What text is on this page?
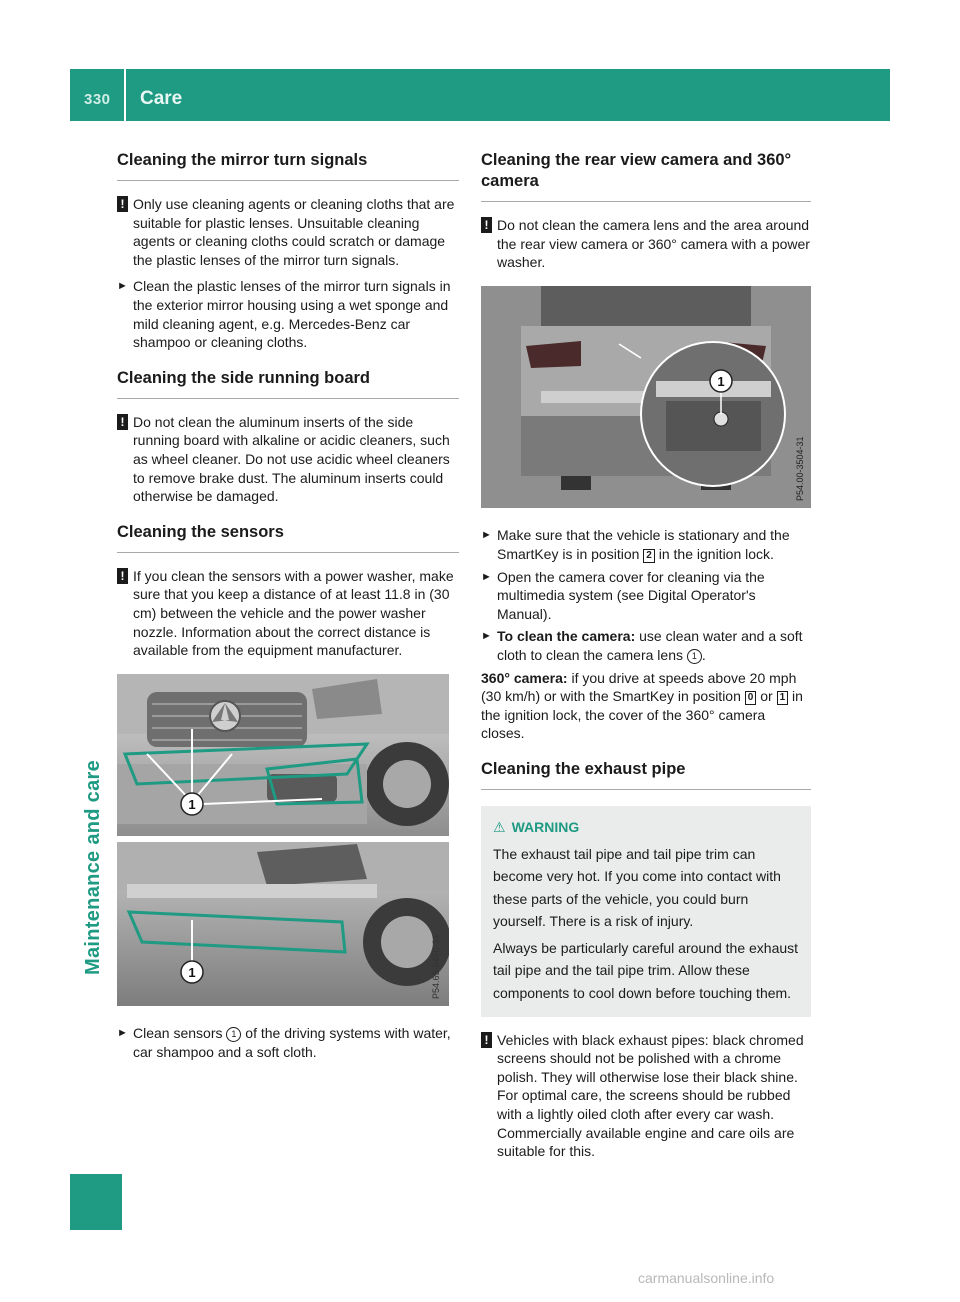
330 Care
Maintenance and care
Cleaning the mirror turn signals
! Only use cleaning agents or cleaning cloths that are suitable for plastic lenses. Unsuitable cleaning agents or cleaning cloths could scratch or damage the plastic lenses of the mirror turn signals.
► Clean the plastic lenses of the mirror turn signals in the exterior mirror housing using a wet sponge and mild cleaning agent, e.g. Mercedes-Benz car shampoo or cleaning cloths.
Cleaning the side running board
! Do not clean the aluminum inserts of the side running board with alkaline or acidic cleaners, such as wheel cleaner. Do not use acidic wheel cleaners to remove brake dust. The aluminum inserts could otherwise be damaged.
Cleaning the sensors
! If you clean the sensors with a power washer, make sure that you keep a distance of at least 11.8 in (30 cm) between the vehicle and the power washer nozzle. Information about the correct distance is available from the equipment manufacturer.
1
1	P54.65-5450-31
► Clean sensors 1 of the driving systems with water, car shampoo and a soft cloth.
Cleaning the rear view camera and 360° camera
! Do not clean the camera lens and the area around the rear view camera or 360° camera with a power washer.
1
P54.00-3504-31
► Make sure that the vehicle is stationary and the SmartKey is in position 2 in the ignition lock.
► Open the camera cover for cleaning via the multimedia system (see Digital Operator's Manual).
► To clean the camera: use clean water and a soft cloth to clean the camera lens 1 .

360° camera: if you drive at speeds above 20 mph (30 km/h) or with the SmartKey in position 0 or 1 in the ignition lock, the cover of the 360° camera closes.

Cleaning the exhaust pipe
⚠ WARNING

The exhaust tail pipe and tail pipe trim can become very hot. If you come into contact with these parts of the vehicle, you could burn yourself. There is a risk of injury.

Always be particularly careful around the exhaust tail pipe and the tail pipe trim. Allow these components to cool down before touching them.

! Vehicles with black exhaust pipes: black chromed screens should not be polished with a chrome polish. They will otherwise lose their black shine. For optimal care, the screens should be rubbed with a lightly oiled cloth after every car wash. Commercially available engine and care oils are suitable for this.
carmanualsonline.info
